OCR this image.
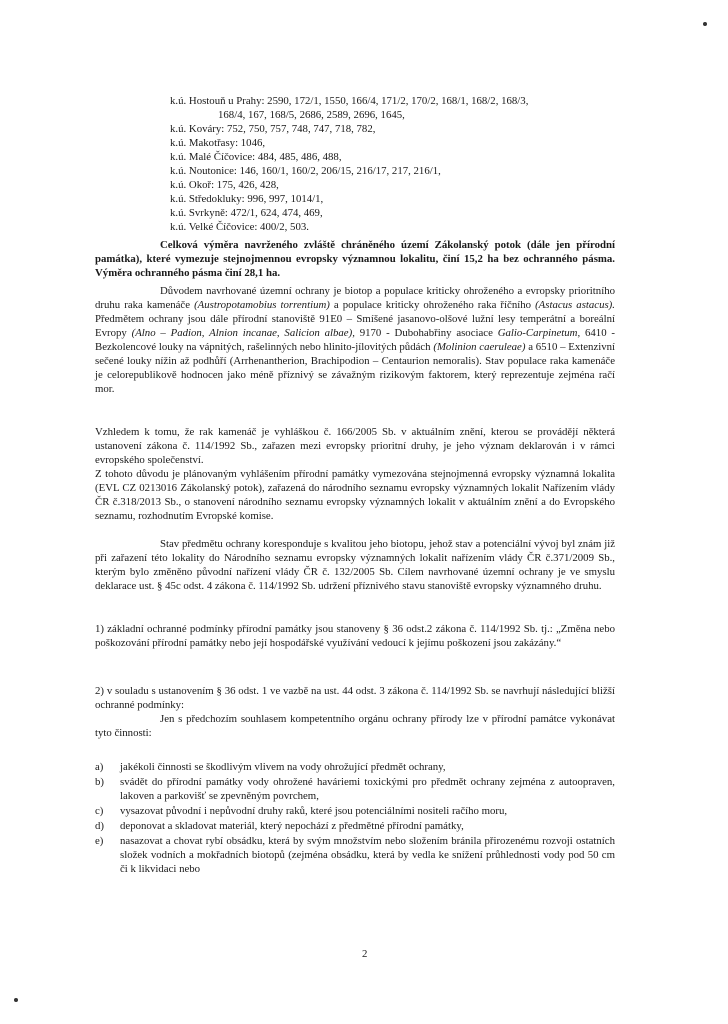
k.ú. Hostouň u Prahy: 2590, 172/1, 1550, 166/4, 171/2, 170/2, 168/1, 168/2, 168/3,
168/4, 167, 168/5, 2686, 2589, 2696, 1645,
k.ú. Kováry: 752, 750, 757, 748, 747, 718, 782,
k.ú. Makotřasy: 1046,
k.ú. Malé Číčovice: 484, 485, 486, 488,
k.ú. Noutonice: 146, 160/1, 160/2, 206/15, 216/17, 217, 216/1,
k.ú. Okoř: 175, 426, 428,
k.ú. Středokluky: 996, 997, 1014/1,
k.ú. Svrkyně: 472/1, 624, 474, 469,
k.ú. Velké Číčovice: 400/2, 503.

Celková výměra navrženého zvláště chráněného území Zákolanský potok (dále jen přírodní památka), které vymezuje stejnojmennou evropsky významnou lokalitu, činí 15,2 ha bez ochranného pásma. Výměra ochranného pásma činí 28,1 ha.

Důvodem navrhované územní ochrany je biotop a populace kriticky ohroženého a evropsky prioritního druhu raka kamenáče (Austropotamobius torrentium) a populace kriticky ohroženého raka říčního (Astacus astacus). Předmětem ochrany jsou dále přírodní stanoviště 91E0 – Smíšené jasanovo-olšové lužní lesy temperátní a boreální Evropy (Alno – Padion, Alnion incanae, Salicion albae), 9170 - Dubohabřiny asociace Galio-Carpinetum, 6410 - Bezkolencové louky na vápnitých, rašelinných nebo hlinito-jílovitých půdách (Molinion caeruleae) a 6510 – Extenzivní sečené louky nížin až podhůří (Arrhenantherion, Brachipodion – Centaurion nemoralis). Stav populace raka kamenáče je celorepublikově hodnocen jako méně příznivý se závažným rizikovým faktorem, který reprezentuje zejména račí mor.

Vzhledem k tomu, že rak kamenáč je vyhláškou č. 166/2005 Sb. v aktuálním znění, kterou se provádějí některá ustanovení zákona č. 114/1992 Sb., zařazen mezi evropsky prioritní druhy, je jeho význam deklarován i v rámci evropského společenství.

Z tohoto důvodu je plánovaným vyhlášením přírodní památky vymezována stejnojmenná evropsky významná lokalita (EVL CZ 0213016 Zákolanský potok), zařazená do národního seznamu evropsky významných lokalit Nařízením vlády ČR č.318/2013 Sb., o stanovení národního seznamu evropsky významných lokalit v aktuálním znění a do Evropského seznamu, rozhodnutím Evropské komise.

Stav předmětu ochrany koresponduje s kvalitou jeho biotopu, jehož stav a potenciální vývoj byl znám již při zařazení této lokality do Národního seznamu evropsky významných lokalit nařízením vlády ČR č.371/2009 Sb., kterým bylo změněno původní nařízení vlády ČR č. 132/2005 Sb. Cílem navrhované územní ochrany je ve smyslu deklarace ust. § 45c odst. 4 zákona č. 114/1992 Sb. udržení příznivého stavu stanoviště evropsky významného druhu.

1) základní ochranné podmínky přírodní památky jsou stanoveny § 36 odst.2 zákona č. 114/1992 Sb. tj.: „Změna nebo poškozování přírodní památky nebo její hospodářské využívání vedoucí k jejímu poškození jsou zakázány.“

2) v souladu s ustanovením § 36 odst. 1 ve vazbě na ust. 44 odst. 3 zákona č. 114/1992 Sb. se navrhují následující bližší ochranné podmínky:

Jen s předchozím souhlasem kompetentního orgánu ochrany přírody lze v přírodní památce vykonávat tyto činnosti:

a) jakékoli činnosti se škodlivým vlivem na vody ohrožující předmět ochrany,
b) svádět do přírodní památky vody ohrožené haváriemi toxickými pro předmět ochrany zejména z autoopraven, lakoven a parkovišť se zpevněným povrchem,
c) vysazovat původní i nepůvodní druhy raků, které jsou potenciálními nositeli račího moru,
d) deponovat a skladovat materiál, který nepochází z předmětné přírodní památky,
e) nasazovat a chovat rybí obsádku, která by svým množstvím nebo složením bránila přirozenému rozvoji ostatních složek vodních a mokřadních biotopů (zejména obsádku, která by vedla ke snížení průhlednosti vody pod 50 cm či k likvidaci nebo
2
